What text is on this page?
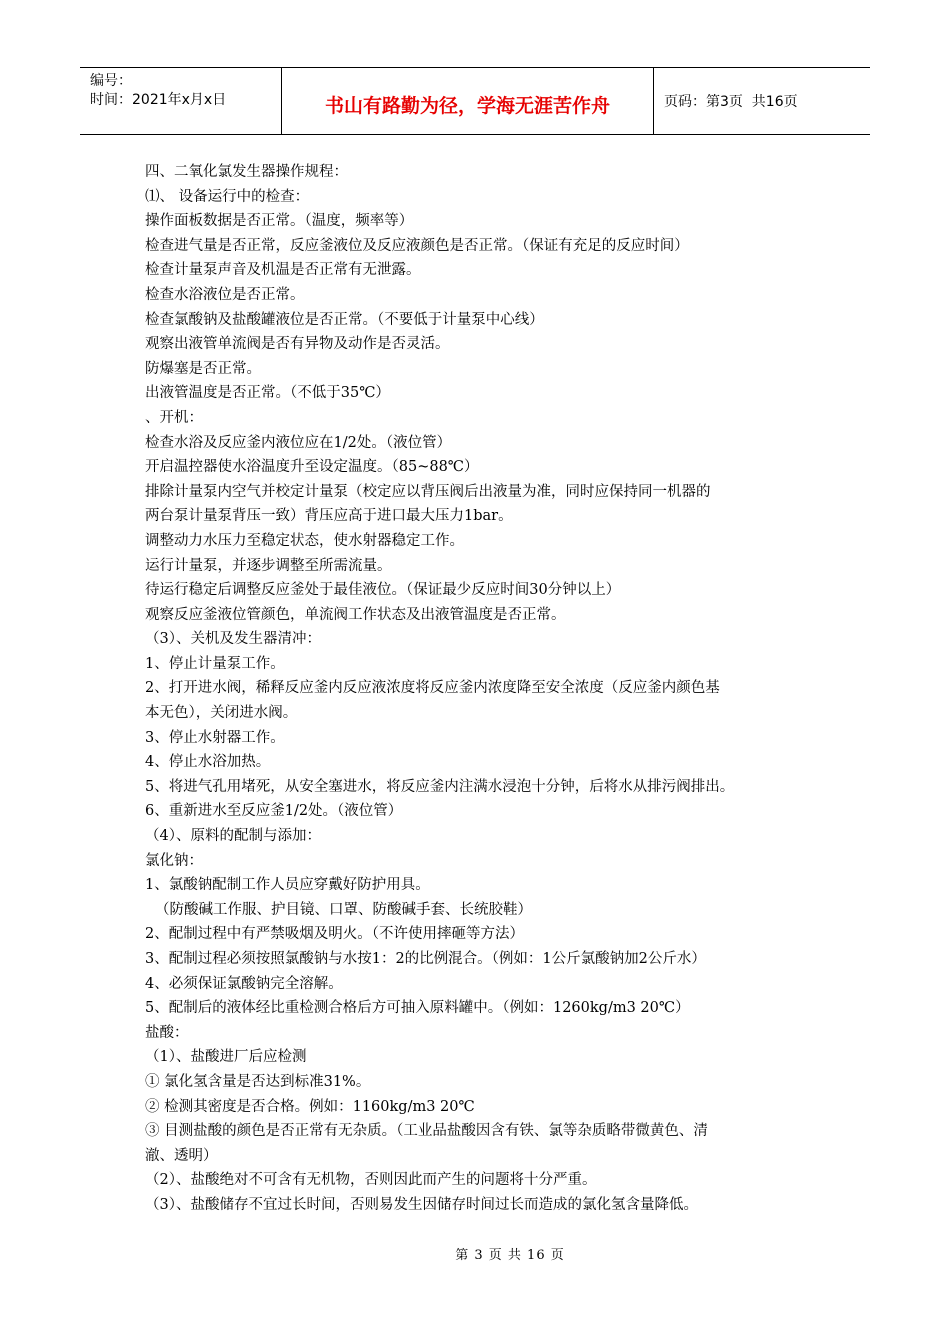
编号：
时间：2021年x月x日	书山有路勤为径，学海无涯苦作舟	页码：第3页  共16页
四、二氧化氯发生器操作规程：
⑴、 设备运行中的检查：
操作面板数据是否正常。（温度，频率等）
检查进气量是否正常，反应釜液位及反应液颜色是否正常。（保证有充足的反应时间）
检查计量泵声音及机温是否正常有无泄露。
检查水浴液位是否正常。
检查氯酸钠及盐酸罐液位是否正常。（不要低于计量泵中心线）
观察出液管单流阀是否有异物及动作是否灵活。
防爆塞是否正常。
出液管温度是否正常。（不低于35℃）
、开机：
检查水浴及反应釜内液位应在1/2处。（液位管）
开启温控器使水浴温度升至设定温度。（85~88℃）
排除计量泵内空气并校定计量泵（校定应以背压阀后出液量为准，同时应保持同一机器的
两台泵计量泵背压一致）背压应高于进口最大压力1bar。
调整动力水压力至稳定状态，使水射器稳定工作。
运行计量泵，并逐步调整至所需流量。
待运行稳定后调整反应釜处于最佳液位。（保证最少反应时间30分钟以上）
观察反应釜液位管颜色，单流阀工作状态及出液管温度是否正常。
（3）、关机及发生器清冲：
1、停止计量泵工作。
2、打开进水阀，稀释反应釜内反应液浓度将反应釜内浓度降至安全浓度（反应釜内颜色基
本无色），关闭进水阀。
3、停止水射器工作。
4、停止水浴加热。
5、将进气孔用堵死，从安全塞进水，将反应釜内注满水浸泡十分钟，后将水从排污阀排出。
6、重新进水至反应釜1/2处。（液位管）
（4）、原料的配制与添加：
氯化钠：
1、氯酸钠配制工作人员应穿戴好防护用具。
（防酸碱工作服、护目镜、口罩、防酸碱手套、长统胶鞋）
2、配制过程中有严禁吸烟及明火。（不许使用摔砸等方法）
3、配制过程必须按照氯酸钠与水按1：2的比例混合。（例如：1公斤氯酸钠加2公斤水）
4、必须保证氯酸钠完全溶解。
5、配制后的液体经比重检测合格后方可抽入原料罐中。（例如：1260kg/m3 20℃）
盐酸：
（1）、盐酸进厂后应检测
① 氯化氢含量是否达到标准31%。
② 检测其密度是否合格。例如：1160kg/m3 20℃
③ 目测盐酸的颜色是否正常有无杂质。（工业品盐酸因含有铁、氯等杂质略带微黄色、清
澈、透明）
（2）、盐酸绝对不可含有无机物，否则因此而产生的问题将十分严重。
（3）、盐酸储存不宜过长时间，否则易发生因储存时间过长而造成的氯化氢含量降低。
第 3 页 共 16 页
